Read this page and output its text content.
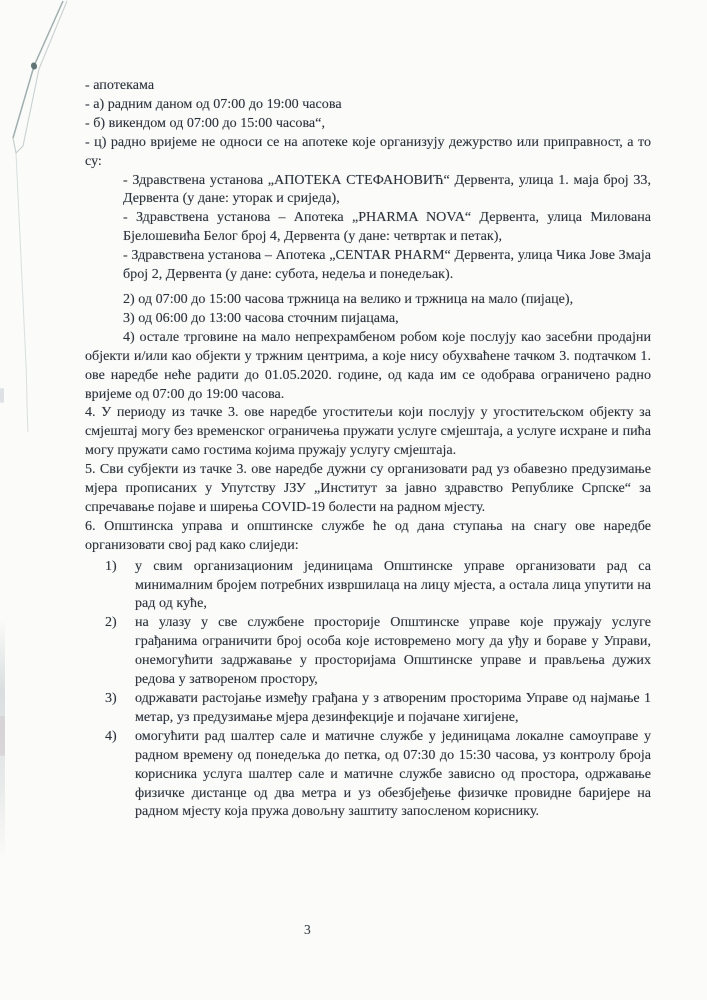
- апотекама

- а) радним даном од 07:00 до 19:00 часова

- б) викендом од 07:00 до 15:00 часова“,

- ц) радно вријеме не односи се на апотеке које организују дежурство или приправност, а то су:

- Здравствена установа „АПОТЕКА СТЕФАНОВИЋ“ Дервента, улица 1. маја број 33, Дервента (у дане: уторак и сриједа),

- Здравствена установа – Апотека „PHARMA NOVA“ Дервента, улица Милована Бјелошевића Белог број 4, Дервента (у дане: четвртак и петак),

- Здравствена установа – Апотека „CENTAR PHARM“ Дервента, улица Чика Јове Змаја број 2, Дервента (у дане: субота, недеља и понедељак).

2) од 07:00 до 15:00 часова тржница на велико и тржница на мало (пијаце),

3) од 06:00 до 13:00 часова сточним пијацама,

4) остале трговине на мало непрехрамбеном робом које послују као засебни продајни објекти и/или као објекти у тржним центрима, а које нису обухваћене тачком 3. подтачком 1. ове наредбе неће радити до 01.05.2020. године, од када им се одобрава ограничено радно вријеме од 07:00 до 19:00 часова.

4. У периоду из тачке 3. ове наредбе угоститељи који послују у угоститељском објекту за смјештај могу без временског ограничења пружати услуге смјештаја, а услуге исхране и пића могу пружати само гостима којима пружају услугу смјештаја.

5. Сви субјекти из тачке 3. ове наредбе дужни су организовати рад уз обавезно предузимање мјера прописаних у Упутству ЈЗУ „Институт за јавно здравство Републике Српске“ за спречавање појаве и ширења COVID-19 болести на радном мјесту.

6. Општинска управа и општинске службе ће од дана ступања на снагу ове наредбе организовати свој рад како слиједи:

1) у свим организационим јединицама Општинске управе организовати рад са минималним бројем потребних извршилаца на лицу мјеста, а остала лица упутити на рад од куће,
2) на улазу у све службене просторије Општинске управе које пружају услуге грађанима ограничити број особа које истовремено могу да уђу и бораве у Управи, онемогућити задржавање у просторијама Општинске управе и прављења дужих редова у затвореном простору,
3) одржавати растојање између грађана у з атвореним просторима Управе од најмање 1 метар, уз предузимање мјера дезинфекције и појачане хигијене,
4) омогућити рад шалтер сале и матичне службе у јединицама локалне самоуправе у радном времену од понедељка до петка, од 07:30 до 15:30 часова, уз контролу броја корисника услуга шалтер сале и матичне службе зависно од простора, одржавање физичке дистанце од два метра и уз обезбјеђење физичке провидне баријере на радном мјесту која пружа довољну заштиту запосленом кориснику.
3
